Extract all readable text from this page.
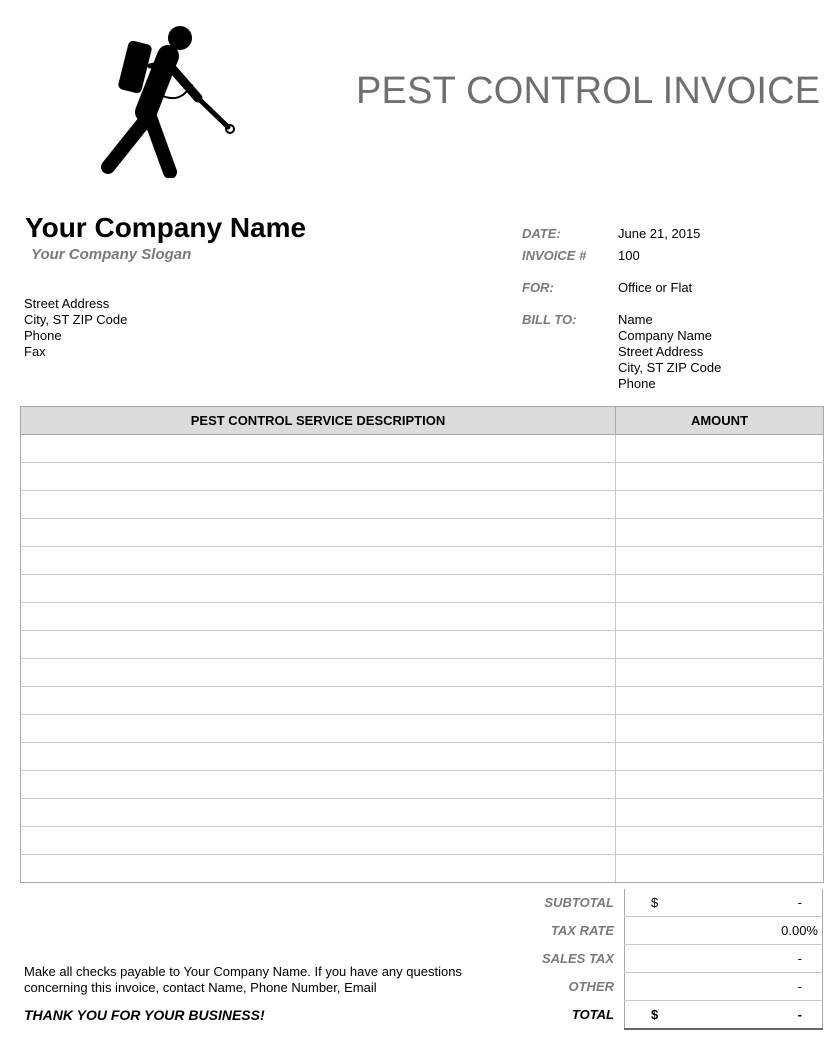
PEST CONTROL INVOICE
Your Company Name
Your Company Slogan
Street Address
City, ST ZIP Code
Phone
Fax
DATE:	June 21, 2015
INVOICE # 100
FOR:	Office or Flat
BILL TO:	Name
Company Name
Street Address
City, ST ZIP Code
Phone
PEST CONTROL SERVICE DESCRIPTION	AMOUNT

SUBTOTAL	$	-
TAX RATE		0.00%
SALES TAX		-
OTHER		-
TOTAL	$	-
Make all checks payable to Your Company Name. If you have any questions concerning this invoice, contact Name, Phone Number, Email
THANK YOU FOR YOUR BUSINESS!
